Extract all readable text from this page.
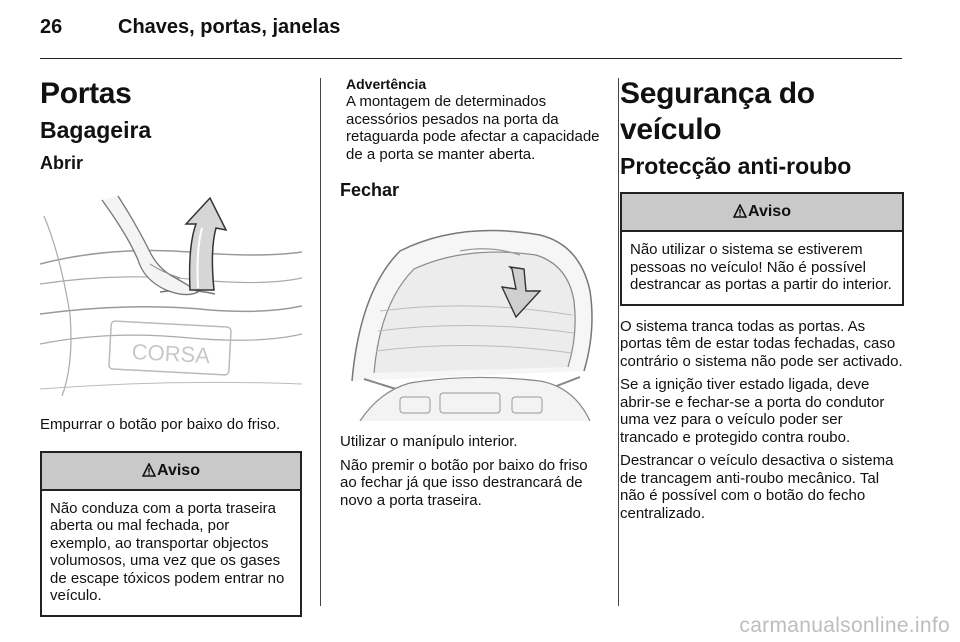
26	Chaves, portas, janelas
Portas
Bagageira
Abrir
CORSA

Empurrar o botão por baixo do friso.

Aviso
Não conduza com a porta traseira aberta ou mal fechada, por exemplo, ao transportar objectos volumosos, uma vez que os gases de escape tóxicos podem entrar no veículo.
Advertência

A montagem de determinados acessórios pesados na porta da retaguarda pode afectar a capacidade de a porta se manter aberta.

Fechar

Utilizar o manípulo interior.

Não premir o botão por baixo do friso ao fechar já que isso destrancará de novo a porta traseira.

Segurança do veículo
Protecção anti-roubo
Aviso
Não utilizar o sistema se estiverem pessoas no veículo! Não é possível destrancar as portas a partir do interior.

O sistema tranca todas as portas. As portas têm de estar todas fechadas, caso contrário o sistema não pode ser activado.

Se a ignição tiver estado ligada, deve abrir-se e fechar-se a porta do condutor uma vez para o veículo poder ser trancado e protegido contra roubo.

Destrancar o veículo desactiva o sistema de trancagem anti-roubo mecânico. Tal não é possível com o botão do fecho centralizado.

carmanualsonline.info
